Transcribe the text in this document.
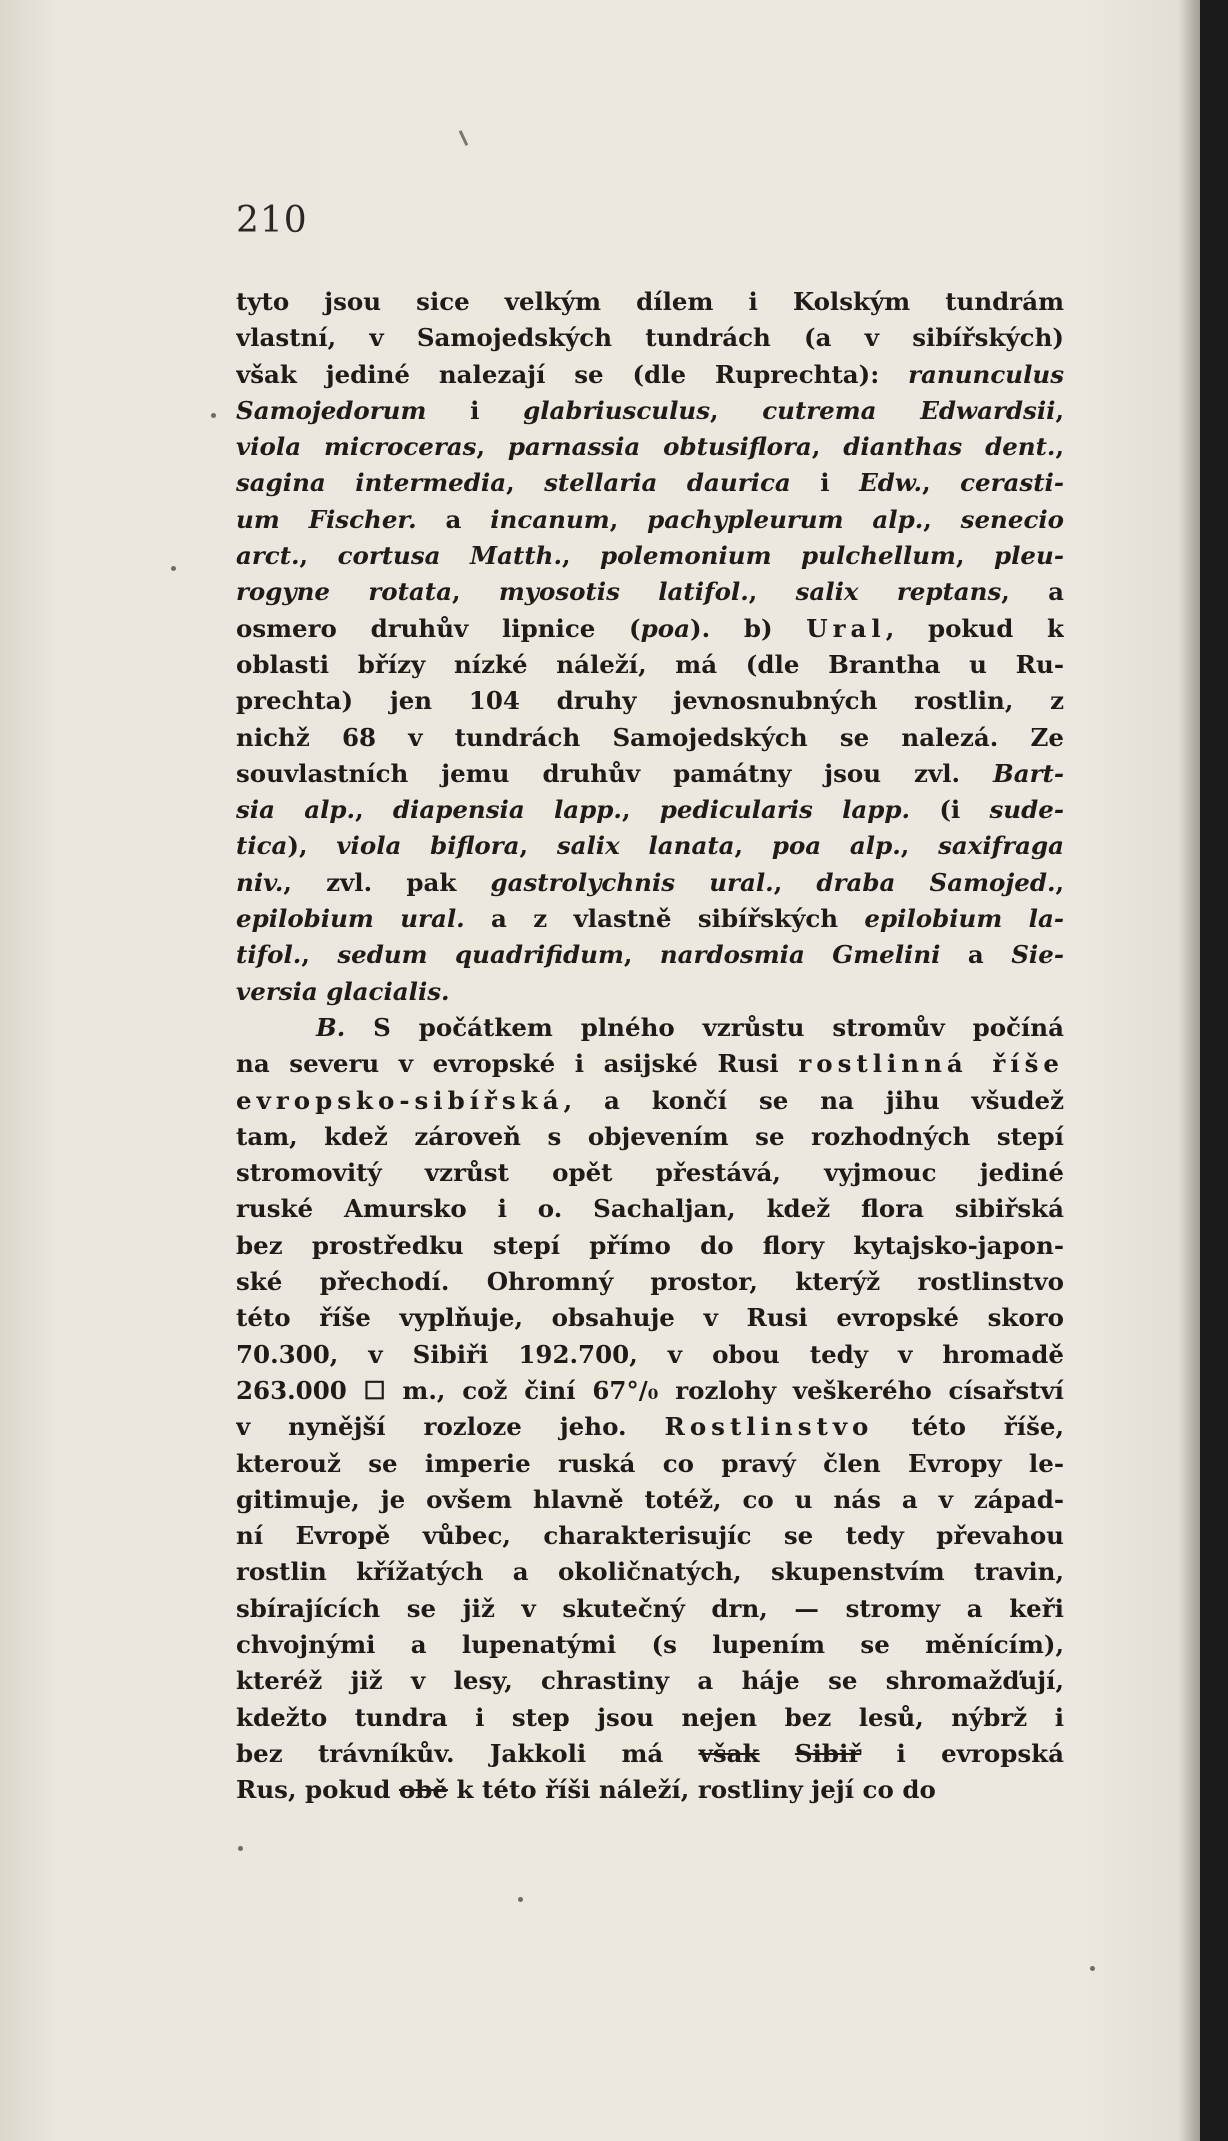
210
tyto jsou sice velkým dílem i Kolským tundrám
vlastní, v Samojedských tundrách (a v sibířských)
však jediné nalezají se (dle Ruprechta): ranunculus
Samojedorum i glabriusculus, cutrema Edwardsii,
viola microceras, parnassia obtusiflora, dianthas dent.,
sagina intermedia, stellaria daurica i Edw., cerasti-
um Fischer. a incanum, pachypleurum alp., senecio
arct., cortusa Matth., polemonium pulchellum, pleu-
rogyne rotata, myosotis latifol., salix reptans, a
osmero druhův lipnice (poa). b) Ural, pokud k
oblasti břízy nízké náleží, má (dle Brantha u Ru-
prechta) jen 104 druhy jevnosnubných rostlin, z
nichž 68 v tundrách Samojedských se nalezá. Ze
souvlastních jemu druhův památny jsou zvl. Bart-
sia alp., diapensia lapp., pedicularis lapp. (i sude-
tica), viola biflora, salix lanata, poa alp., saxifraga
niv., zvl. pak gastrolychnis ural., draba Samojed.,
epilobium ural. a z vlastně sibířských epilobium la-
tifol., sedum quadrifidum, nardosmia Gmelini a Sie-
versia glacialis.
B. S počátkem plného vzrůstu stromův počíná
na severu v evropské i asijské Rusi rostlinná říše
evropsko-sibířská, a končí se na jihu všudež
tam, kdež zároveň s objevením se rozhodných stepí
stromovitý vzrůst opět přestává, vyjmouc jediné
ruské Amursko i o. Sachaljan, kdež flora sibiřská
bez prostředku stepí přímo do flory kytajsko-japon-
ské přechodí. Ohromný prostor, kterýž rostlinstvo
této říše vyplňuje, obsahuje v Rusi evropské skoro
70.300, v Sibiři 192.700, v obou tedy v hromadě
263.000 ☐ m., což činí 67°/₀ rozlohy veškerého císařství
v nynější rozloze jeho. Rostlinstvo této říše,
kterouž se imperie ruská co pravý člen Evropy le-
gitimuje, je ovšem hlavně totéž, co u nás a v západ-
ní Evropě vůbec, charakterisujíc se tedy převahou
rostlin křížatých a okoličnatých, skupenstvím travin,
sbírajících se již v skutečný drn, — stromy a keři
chvojnými a lupenatými (s lupením se měnícím),
kteréž již v lesy, chrastiny a háje se shromažďují,
kdežto tundra i step jsou nejen bez lesů, nýbrž i
bez trávníkův. Jakkoli má však Sibiř i evropská
Rus, pokud obě k této říši náleží, rostliny její co do
